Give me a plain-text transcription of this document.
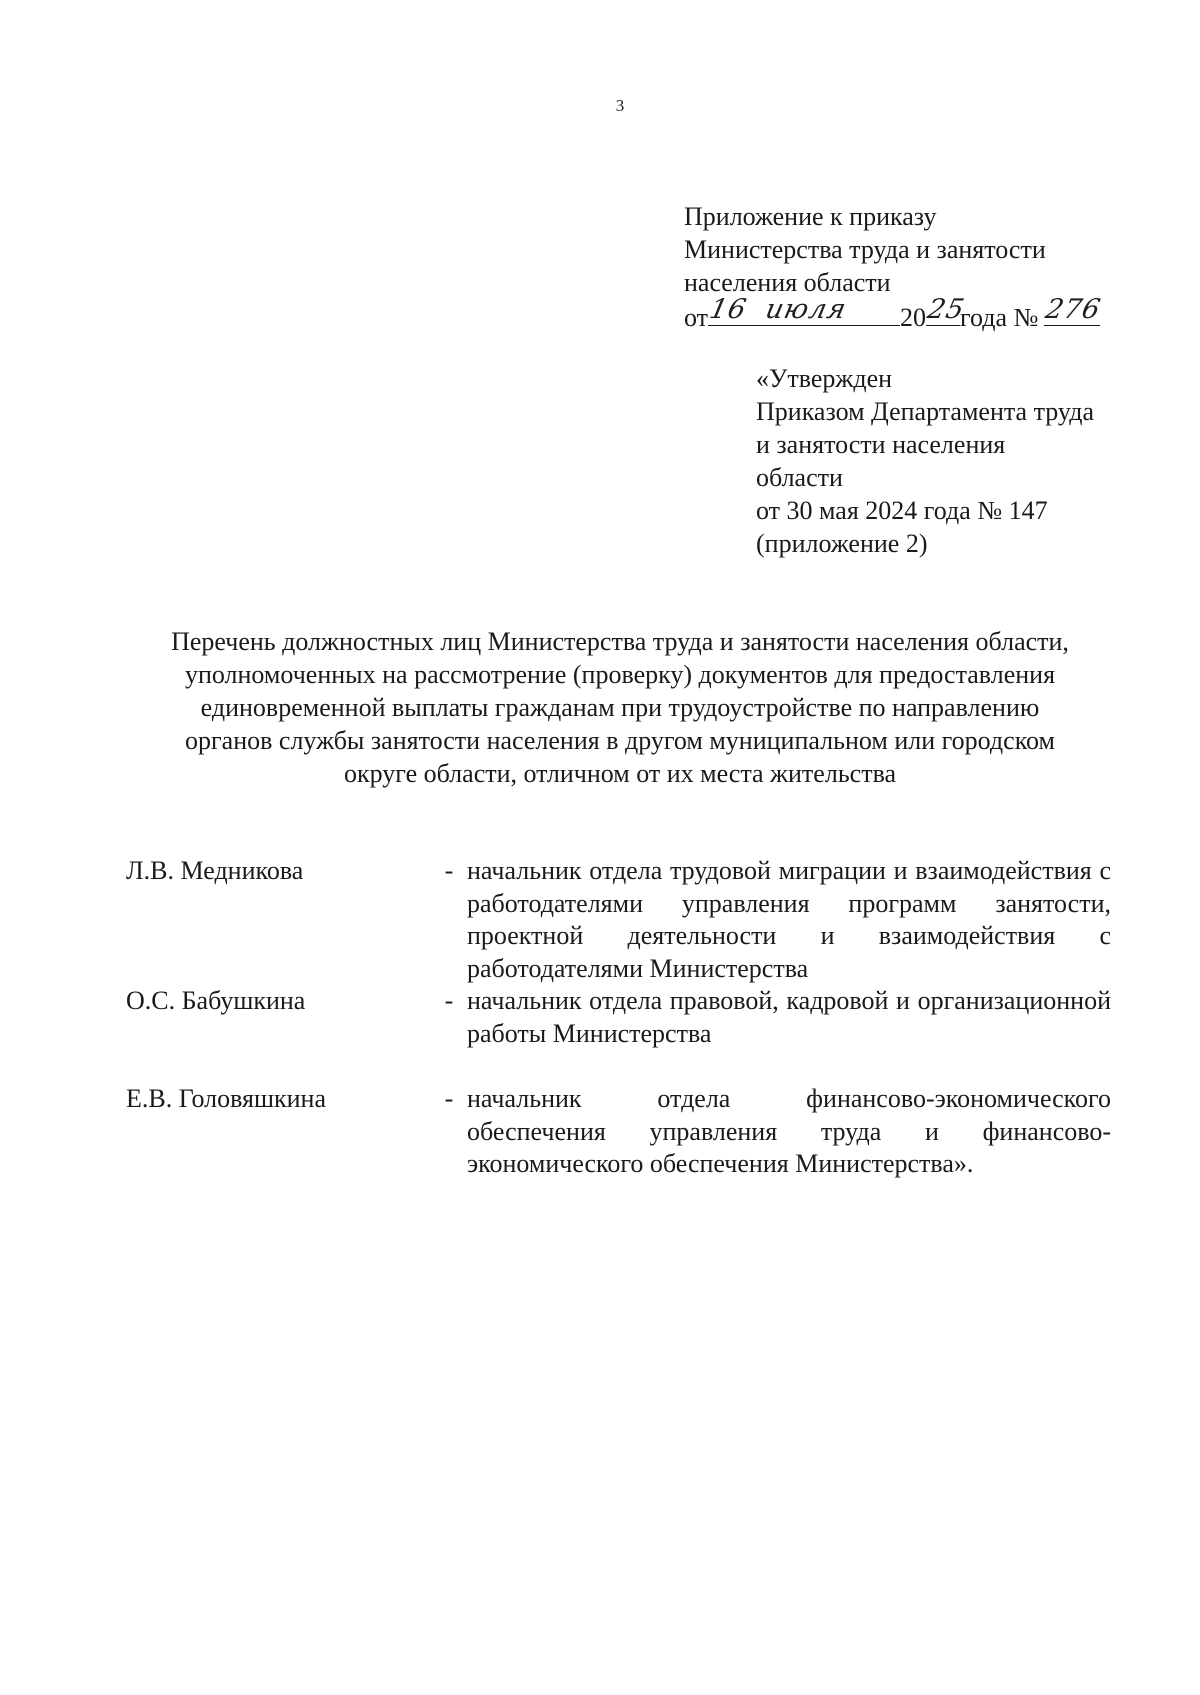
3
Приложение к приказу
Министерства труда и занятости
населения области
от
16 июля 20
25
года № 276
«Утвержден
Приказом Департамента труда
и занятости населения
области
от 30 мая 2024 года № 147
(приложение 2)
Перечень должностных лиц Министерства труда и занятости населения области,
уполномоченных на рассмотрение (проверку) документов для предоставления
единовременной выплаты гражданам при трудоустройстве по направлению
органов службы занятости населения в другом муниципальном или городском
округе области, отличном от их места жительства
Л.В. Медникова	- начальник отдела трудовой миграции и взаимодействия с работодателями управления программ занятости, проектной деятельности и взаимодействия с работодателями Министерства
О.С. Бабушкина	- начальник отдела правовой, кадровой и организационной работы Министерства
Е.В. Головяшкина	- начальник отдела финансово-экономического обеспечения управления труда и финансово-экономического обеспечения Министерства».
